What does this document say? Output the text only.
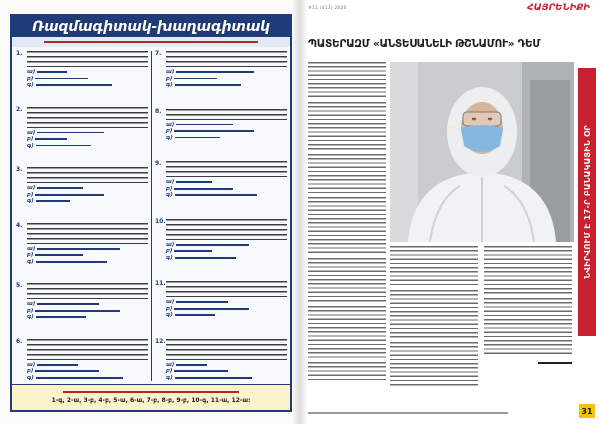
Ռազմագիտակ-խաղագիտակ
1.
ա)
բ)
գ)
2.
ա)
բ)
գ)
3.
ա)
բ)
գ)
4.
ա)
բ)
գ)
5.
ա)
բ)
գ)
6.
ա)
բ)
գ)
7.
ա)
բ)
գ)
8.
ա)
բ)
գ)
9.
ա)
բ)
գ)
10.
ա)
բ)
գ)
11.
ա)
բ)
գ)
12.
ա)
բ)
գ)
1-գ, 2-ա, 3-բ, 4-բ, 5-ա, 6-ա, 7-բ, 8-բ, 9-բ, 10-գ, 11-ա, 12-ա:
#11 (411) 2020	ՀԱՅՐԵՆԻՔԻ
ՊԱՏԵՐԱԶՄ «ԱՆՏԵՍԱՆԵԼԻ ԹՇՆԱՄՈՒ» ԴԵՄ
ՆՎԻՐՎՈՒՄ Է 17-Ր ԲԱՆԱԿԱՅԻՆ ՕՐ
31
